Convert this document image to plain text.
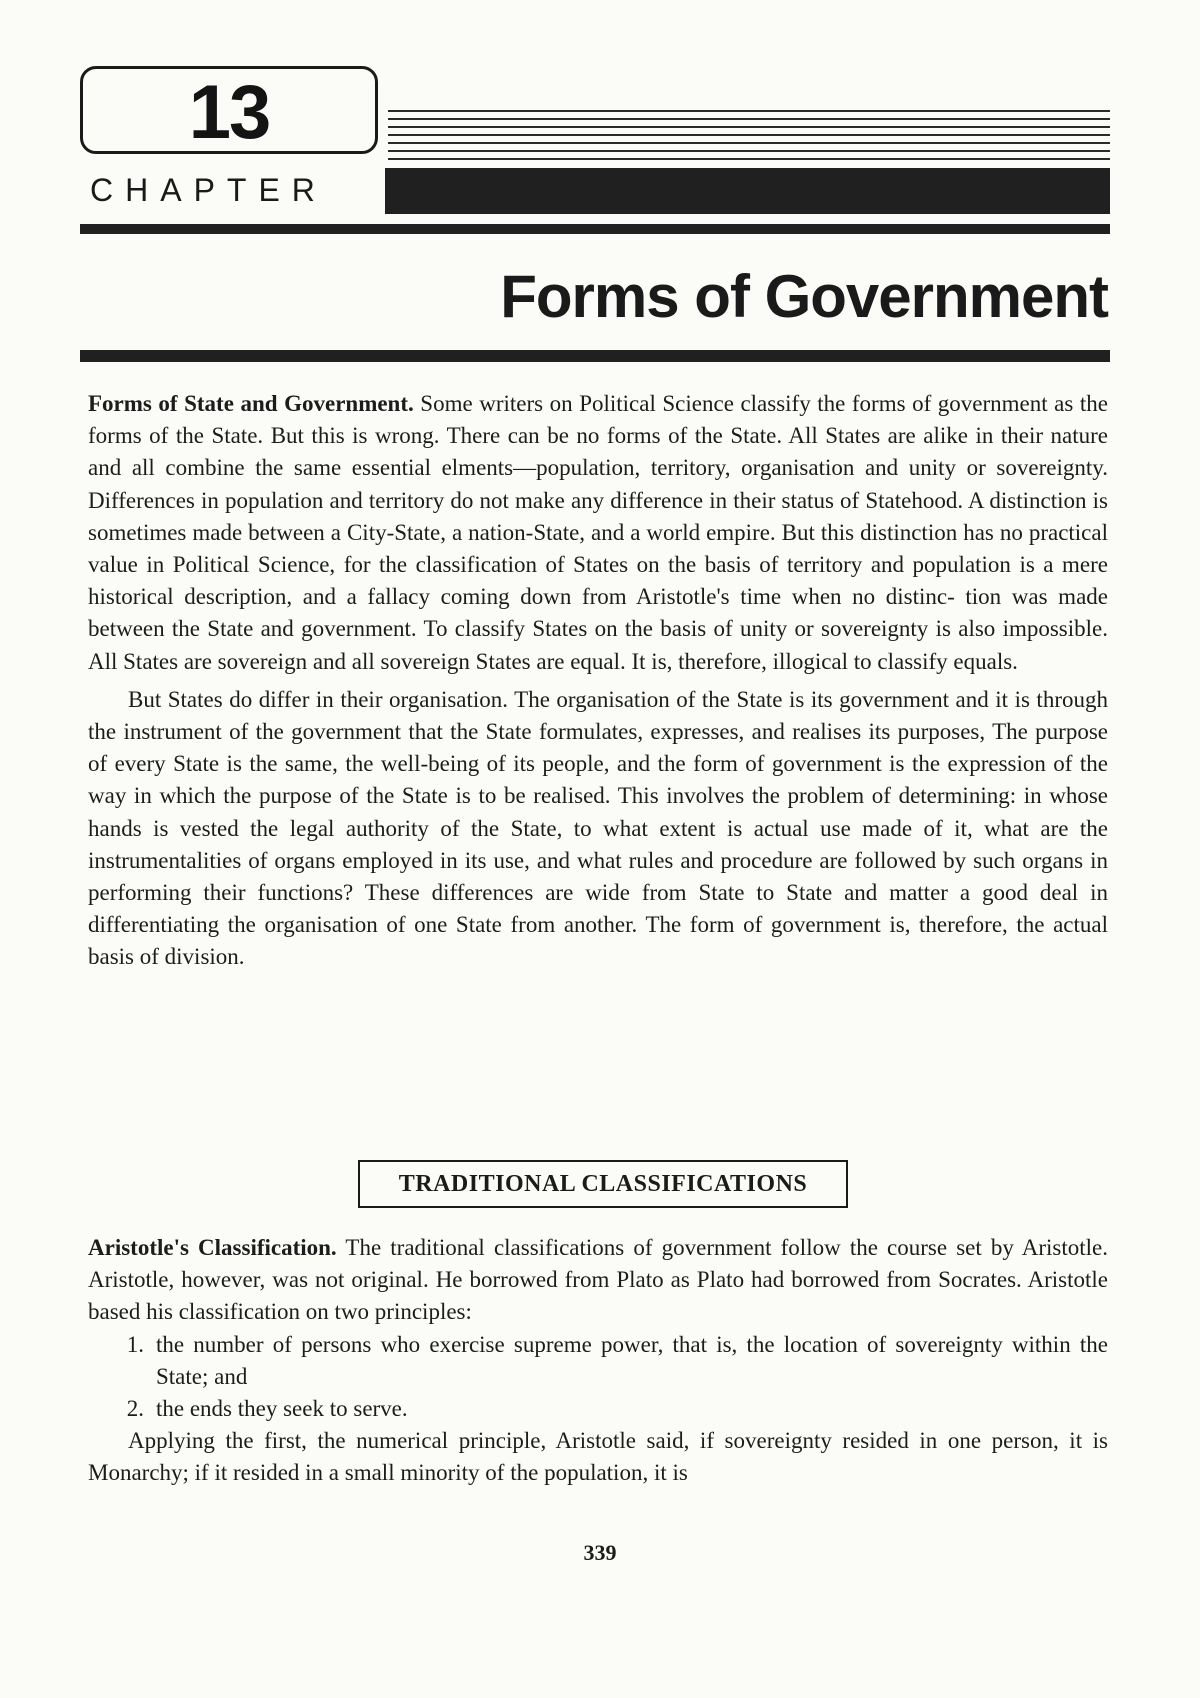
13
CHAPTER
Forms of Government

Forms of State and Government. Some writers on Political Science classify the forms of government as the forms of the State. But this is wrong. There can be no forms of the State. All States are alike in their nature and all combine the same essential elments—population, territory, organisation and unity or sovereignty. Differences in population and territory do not make any difference in their status of Statehood. A distinction is sometimes made between a City-State, a nation-State, and a world empire. But this distinction has no practical value in Political Science, for the classification of States on the basis of territory and population is a mere historical description, and a fallacy coming down from Aristotle's time when no distinc- tion was made between the State and government. To classify States on the basis of unity or sovereignty is also impossible. All States are sovereign and all sovereign States are equal. It is, therefore, illogical to classify equals.

But States do differ in their organisation. The organisation of the State is its government and it is through the instrument of the government that the State formulates, expresses, and realises its purposes, The purpose of every State is the same, the well-being of its people, and the form of government is the expression of the way in which the purpose of the State is to be realised. This involves the problem of determining: in whose hands is vested the legal authority of the State, to what extent is actual use made of it, what are the instrumentalities of organs employed in its use, and what rules and procedure are followed by such organs in performing their functions? These differences are wide from State to State and matter a good deal in differentiating the organisation of one State from another. The form of government is, therefore, the actual basis of division.

TRADITIONAL CLASSIFICATIONS

Aristotle's Classification. The traditional classifications of government follow the course set by Aristotle. Aristotle, however, was not original. He borrowed from Plato as Plato had borrowed from Socrates. Aristotle based his classification on two principles:

1. the number of persons who exercise supreme power, that is, the location of sovereignty within the State; and
2. the ends they seek to serve.

Applying the first, the numerical principle, Aristotle said, if sovereignty resided in one person, it is Monarchy; if it resided in a small minority of the population, it is

339
